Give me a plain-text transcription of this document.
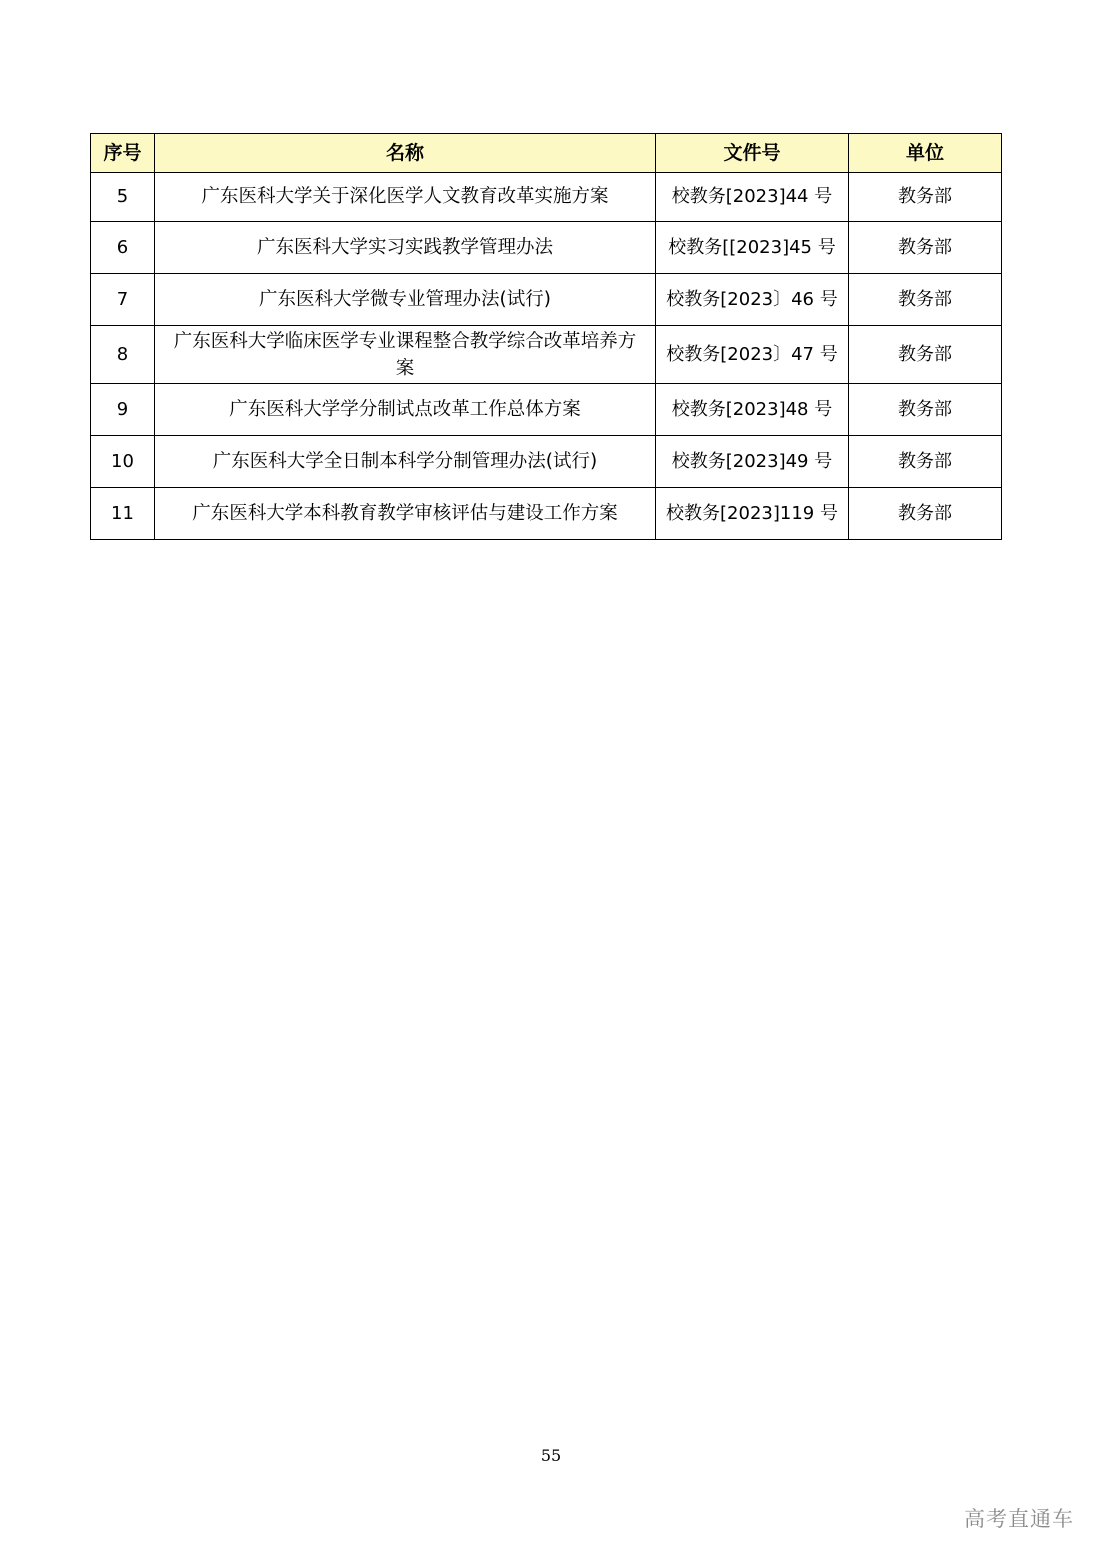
序号	名称	文件号	单位
5	广东医科大学关于深化医学人文教育改革实施方案	校教务[2023]44 号	教务部
6	广东医科大学实习实践教学管理办法	校教务[[2023]45 号	教务部
7	广东医科大学微专业管理办法(试行)	校教务[2023〕46 号	教务部
8	广东医科大学临床医学专业课程整合教学综合改革培养方案	校教务[2023〕47 号	教务部
9	广东医科大学学分制试点改革工作总体方案	校教务[2023]48 号	教务部
10	广东医科大学全日制本科学分制管理办法(试行)	校教务[2023]49 号	教务部
11	广东医科大学本科教育教学审核评估与建设工作方案	校教务[2023]119 号	教务部
55
高考直通车
